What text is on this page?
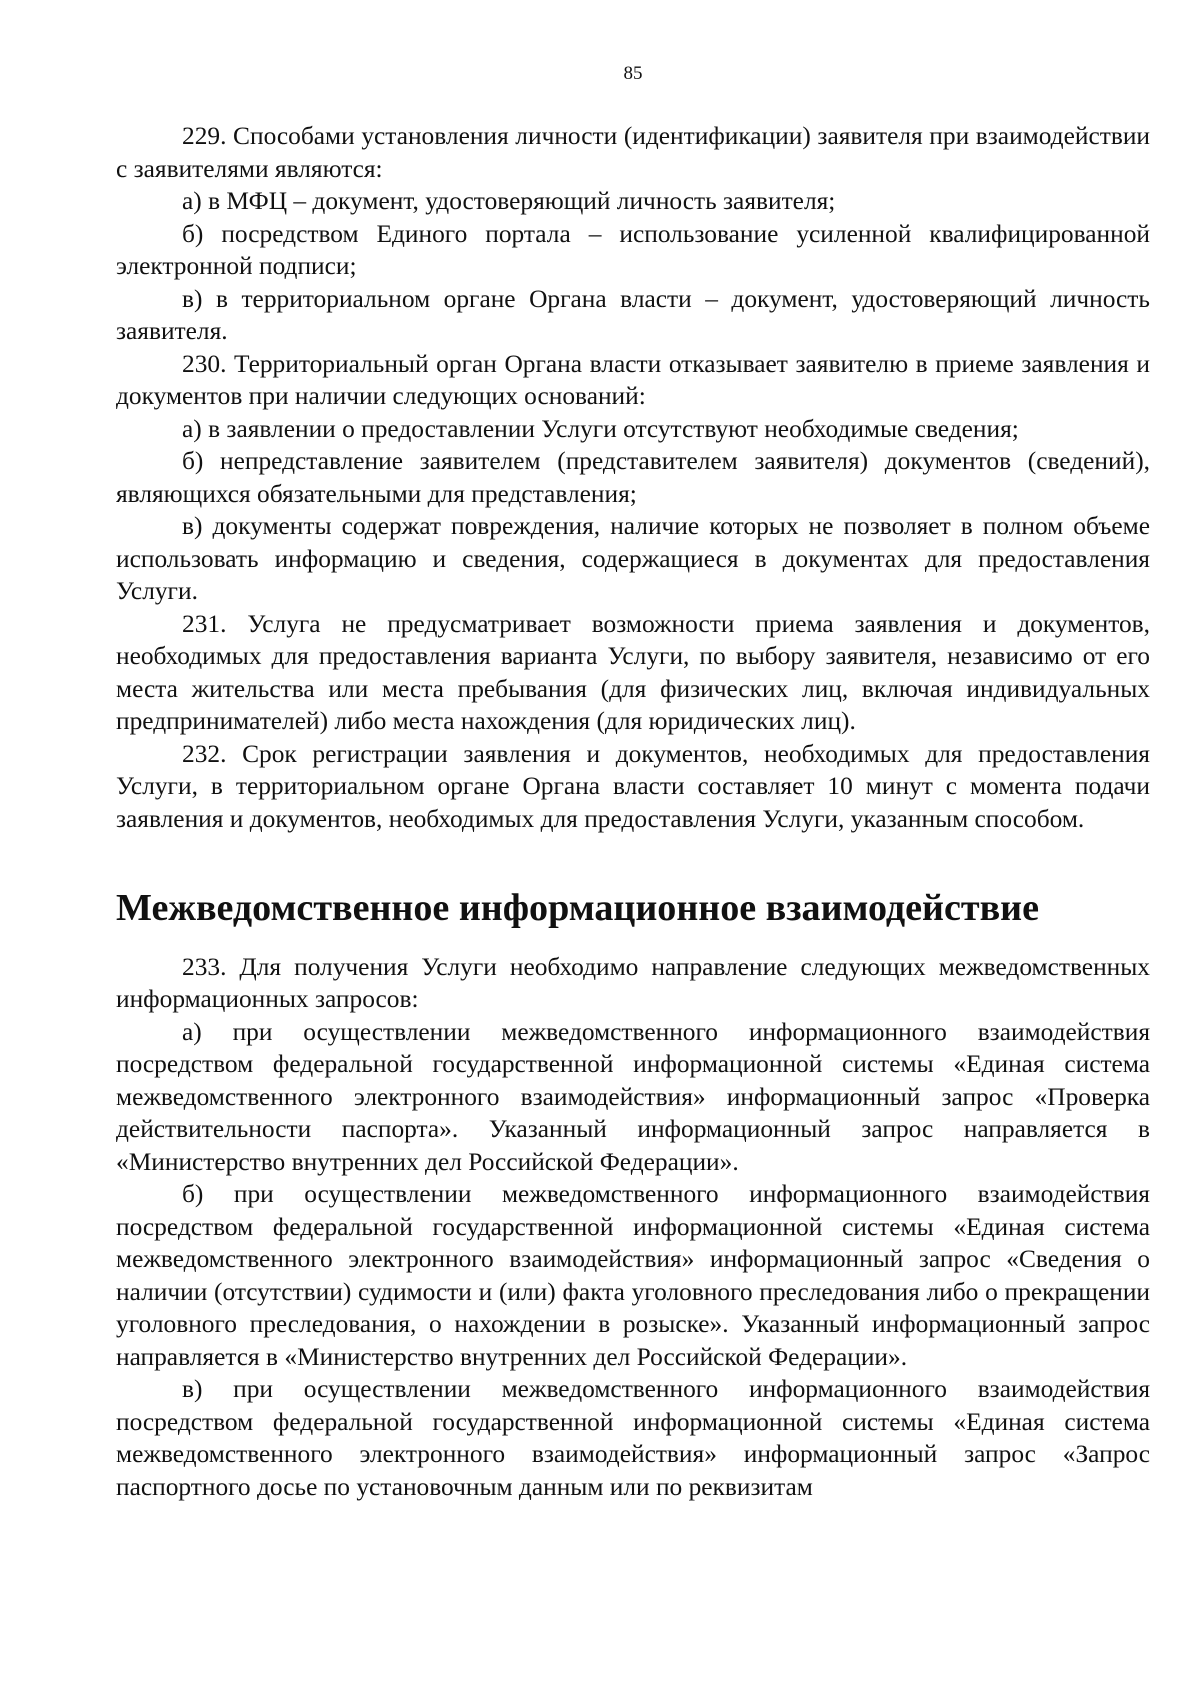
85

229. Способами установления личности (идентификации) заявителя при взаимодействии с заявителями являются:

а) в МФЦ – документ, удостоверяющий личность заявителя;

б) посредством Единого портала – использование усиленной квалифицированной электронной подписи;

в) в территориальном органе Органа власти – документ, удостоверяющий личность заявителя.

230. Территориальный орган Органа власти отказывает заявителю в приеме заявления и документов при наличии следующих оснований:

а) в заявлении о предоставлении Услуги отсутствуют необходимые сведения;

б) непредставление заявителем (представителем заявителя) документов (сведений), являющихся обязательными для представления;

в) документы содержат повреждения, наличие которых не позволяет в полном объеме использовать информацию и сведения, содержащиеся в документах для предоставления Услуги.

231. Услуга не предусматривает возможности приема заявления и документов, необходимых для предоставления варианта Услуги, по выбору заявителя, независимо от его места жительства или места пребывания (для физических лиц, включая индивидуальных предпринимателей) либо места нахождения (для юридических лиц).

232. Срок регистрации заявления и документов, необходимых для предоставления Услуги, в территориальном органе Органа власти составляет 10 минут с момента подачи заявления и документов, необходимых для предоставления Услуги, указанным способом.

Межведомственное информационное взаимодействие

233. Для получения Услуги необходимо направление следующих межведомственных информационных запросов:

а) при осуществлении межведомственного информационного взаимодействия посредством федеральной государственной информационной системы «Единая система межведомственного электронного взаимодействия» информационный запрос «Проверка действительности паспорта». Указанный информационный запрос направляется в «Министерство внутренних дел Российской Федерации».

б) при осуществлении межведомственного информационного взаимодействия посредством федеральной государственной информационной системы «Единая система межведомственного электронного взаимодействия» информационный запрос «Сведения о наличии (отсутствии) судимости и (или) факта уголовного преследования либо о прекращении уголовного преследования, о нахождении в розыске». Указанный информационный запрос направляется в «Министерство внутренних дел Российской Федерации».

в) при осуществлении межведомственного информационного взаимодействия посредством федеральной государственной информационной системы «Единая система межведомственного электронного взаимодействия» информационный запрос «Запрос паспортного досье по установочным данным или по реквизитам
